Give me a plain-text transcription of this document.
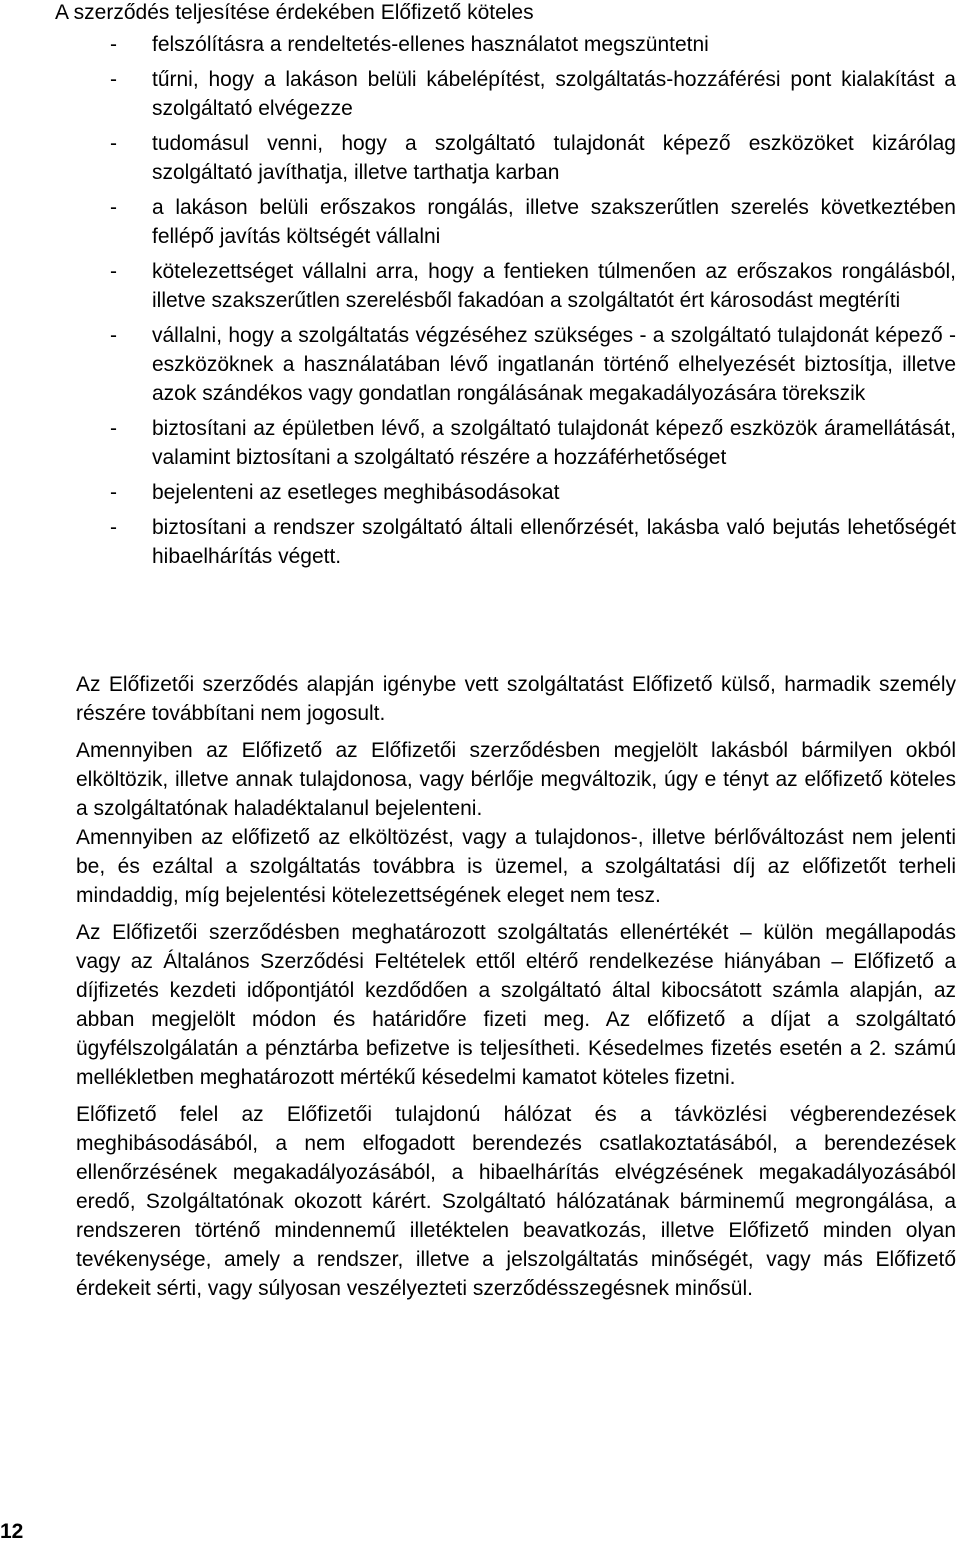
A szerződés teljesítése érdekében Előfizető köteles

- felszólításra a rendeltetés-ellenes használatot megszüntetni
- tűrni, hogy a lakáson belüli kábelépítést, szolgáltatás-hozzáférési pont kialakítást a szolgáltató elvégezze
- tudomásul venni, hogy a szolgáltató tulajdonát képező eszközöket kizárólag szolgáltató javíthatja, illetve tarthatja karban
- a lakáson belüli erőszakos rongálás, illetve szakszerűtlen szerelés következtében fellépő javítás költségét vállalni
- kötelezettséget vállalni arra, hogy a fentieken túlmenően az erőszakos rongálásból, illetve szakszerűtlen szerelésből fakadóan a szolgáltatót ért károsodást megtéríti
- vállalni, hogy a szolgáltatás végzéséhez szükséges - a szolgáltató tulajdonát képező - eszközöknek a használatában lévő ingatlanán történő elhelyezését biztosítja, illetve azok szándékos vagy gondatlan rongálásának megakadályozására törekszik
- biztosítani az épületben lévő, a szolgáltató tulajdonát képező eszközök áramellátását, valamint biztosítani a szolgáltató részére a hozzáférhetőséget
- bejelenteni az esetleges meghibásodásokat
- biztosítani a rendszer szolgáltató általi ellenőrzését, lakásba való bejutás lehetőségét hibaelhárítás végett.

Az Előfizetői szerződés alapján igénybe vett szolgáltatást Előfizető külső, harmadik személy részére továbbítani nem jogosult.

Amennyiben az Előfizető az Előfizetői szerződésben megjelölt lakásból bármilyen okból elköltözik, illetve annak tulajdonosa, vagy bérlője megváltozik, úgy e tényt az előfizető köteles a szolgáltatónak haladéktalanul bejelenteni.

Amennyiben az előfizető az elköltözést, vagy a tulajdonos-, illetve bérlőváltozást nem jelenti be, és ezáltal a szolgáltatás továbbra is üzemel, a szolgáltatási díj az előfizetőt terheli mindaddig, míg bejelentési kötelezettségének eleget nem tesz.

Az Előfizetői szerződésben meghatározott szolgáltatás ellenértékét – külön megállapodás vagy az Általános Szerződési Feltételek ettől eltérő rendelkezése hiányában – Előfizető a díjfizetés kezdeti időpontjától kezdődően a szolgáltató által kibocsátott számla alapján, az abban megjelölt módon és határidőre fizeti meg. Az előfizető a díjat a szolgáltató ügyfélszolgálatán a pénztárba befizetve is teljesítheti. Késedelmes fizetés esetén a 2. számú mellékletben meghatározott mértékű késedelmi kamatot köteles fizetni.

Előfizető felel az Előfizetői tulajdonú hálózat és a távközlési végberendezések meghibásodásából, a nem elfogadott berendezés csatlakoztatásából, a berendezések ellenőrzésének megakadályozásából, a hibaelhárítás elvégzésének megakadályozásából eredő, Szolgáltatónak okozott kárért. Szolgáltató hálózatának bárminemű megrongálása, a rendszeren történő mindennemű illetéktelen beavatkozás, illetve Előfizető minden olyan tevékenysége, amely a rendszer, illetve a jelszolgáltatás minőségét, vagy más Előfizető érdekeit sérti, vagy súlyosan veszélyezteti szerződésszegésnek minősül.

12
